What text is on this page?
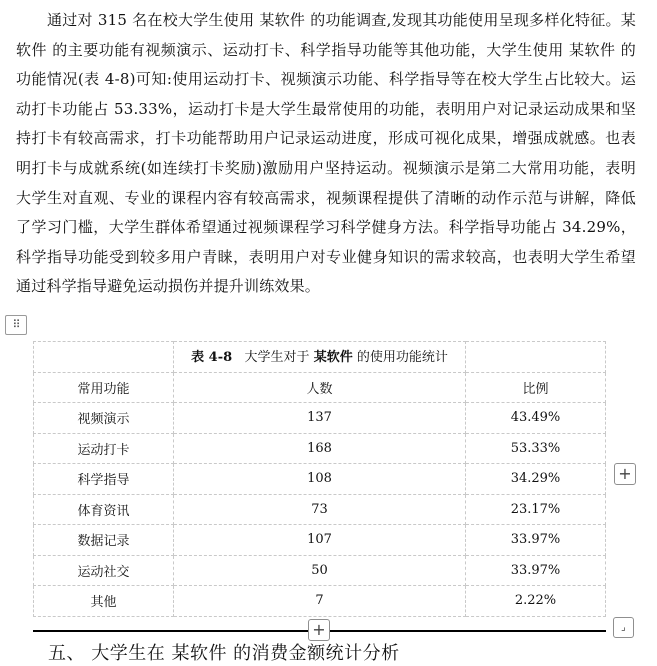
通过对 315 名在校大学生使用 某软件 的功能调查,发现其功能使用呈现多样化特征。某软件 的主要功能有视频演示、运动打卡、科学指导功能等其他功能，大学生使用 某软件 的功能情况(表 4-8)可知:使用运动打卡、视频演示功能、科学指导等在校大学生占比较大。运动打卡功能占 53.33%，运动打卡是大学生最常使用的功能，表明用户对记录运动成果和坚持打卡有较高需求，打卡功能帮助用户记录运动进度，形成可视化成果，增强成就感。也表明打卡与成就系统(如连续打卡奖励)激励用户坚持运动。视频演示是第二大常用功能，表明大学生对直观、专业的课程内容有较高需求，视频课程提供了清晰的动作示范与讲解，降低了学习门槛，大学生群体希望通过视频课程学习科学健身方法。科学指导功能占 34.29%，科学指导功能受到较多用户青睐，表明用户对专业健身知识的需求较高，也表明大学生希望通过科学指导避免运动损伤并提升训练效果。

⠿

	表 4-8 大学生对于 某软件 的使用功能统计	

常用功能	人数	比例
视频演示	137	43.49%
运动打卡	168	53.33%
科学指导	108	34.29%
体育资讯	73	23.17%
数据记录	107	33.97%
运动社交	50	33.97%
其他	7	2.22%
+
+	⌟
五、 大学生在 某软件 的消费金额统计分析
